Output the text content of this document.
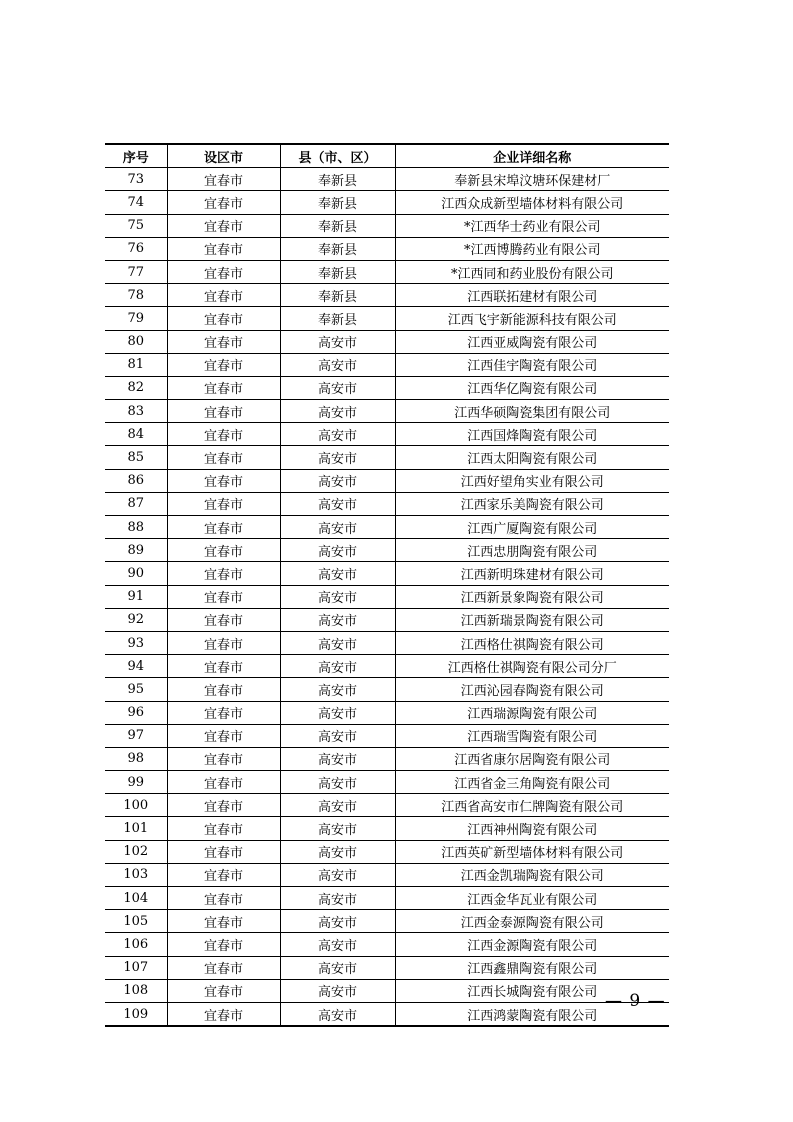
序号	设区市	县（市、区）	企业详细名称
73	宜春市	奉新县	奉新县宋埠汶塘环保建材厂
74	宜春市	奉新县	江西众成新型墙体材料有限公司
75	宜春市	奉新县	*江西华士药业有限公司
76	宜春市	奉新县	*江西博腾药业有限公司
77	宜春市	奉新县	*江西同和药业股份有限公司
78	宜春市	奉新县	江西联拓建材有限公司
79	宜春市	奉新县	江西飞宇新能源科技有限公司
80	宜春市	高安市	江西亚威陶瓷有限公司
81	宜春市	高安市	江西佳宇陶瓷有限公司
82	宜春市	高安市	江西华亿陶瓷有限公司
83	宜春市	高安市	江西华硕陶瓷集团有限公司
84	宜春市	高安市	江西国烽陶瓷有限公司
85	宜春市	高安市	江西太阳陶瓷有限公司
86	宜春市	高安市	江西好望角实业有限公司
87	宜春市	高安市	江西家乐美陶瓷有限公司
88	宜春市	高安市	江西广厦陶瓷有限公司
89	宜春市	高安市	江西忠朋陶瓷有限公司
90	宜春市	高安市	江西新明珠建材有限公司
91	宜春市	高安市	江西新景象陶瓷有限公司
92	宜春市	高安市	江西新瑞景陶瓷有限公司
93	宜春市	高安市	江西格仕祺陶瓷有限公司
94	宜春市	高安市	江西格仕祺陶瓷有限公司分厂
95	宜春市	高安市	江西沁园春陶瓷有限公司
96	宜春市	高安市	江西瑞源陶瓷有限公司
97	宜春市	高安市	江西瑞雪陶瓷有限公司
98	宜春市	高安市	江西省康尔居陶瓷有限公司
99	宜春市	高安市	江西省金三角陶瓷有限公司
100	宜春市	高安市	江西省高安市仁牌陶瓷有限公司
101	宜春市	高安市	江西神州陶瓷有限公司
102	宜春市	高安市	江西英矿新型墙体材料有限公司
103	宜春市	高安市	江西金凯瑞陶瓷有限公司
104	宜春市	高安市	江西金华瓦业有限公司
105	宜春市	高安市	江西金泰源陶瓷有限公司
106	宜春市	高安市	江西金源陶瓷有限公司
107	宜春市	高安市	江西鑫鼎陶瓷有限公司
108	宜春市	高安市	江西长城陶瓷有限公司
109	宜春市	高安市	江西鸿蒙陶瓷有限公司
— 9 —
